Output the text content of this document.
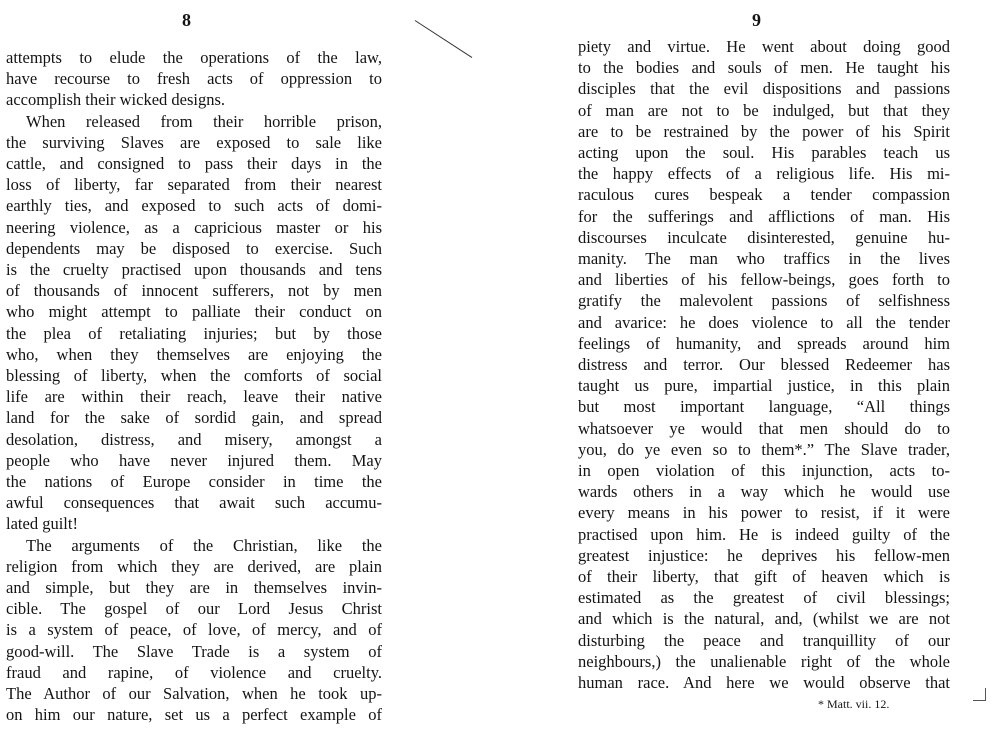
8
attempts to elude the operations of the law,
have recourse to fresh acts of oppression to
accomplish their wicked designs.
When released from their horrible prison,
the surviving Slaves are exposed to sale like
cattle, and consigned to pass their days in the
loss of liberty, far separated from their nearest
earthly ties, and exposed to such acts of domi-
neering violence, as a capricious master or his
dependents may be disposed to exercise. Such
is the cruelty practised upon thousands and tens
of thousands of innocent sufferers, not by men
who might attempt to palliate their conduct on
the plea of retaliating injuries; but by those
who, when they themselves are enjoying the
blessing of liberty, when the comforts of social
life are within their reach, leave their native
land for the sake of sordid gain, and spread
desolation, distress, and misery, amongst a
people who have never injured them. May
the nations of Europe consider in time the
awful consequences that await such accumu-
lated guilt!
The arguments of the Christian, like the
religion from which they are derived, are plain
and simple, but they are in themselves invin-
cible. The gospel of our Lord Jesus Christ
is a system of peace, of love, of mercy, and of
good-will. The Slave Trade is a system of
fraud and rapine, of violence and cruelty.
The Author of our Salvation, when he took up-
on him our nature, set us a perfect example of
9
piety and virtue. He went about doing good
to the bodies and souls of men. He taught his
disciples that the evil dispositions and passions
of man are not to be indulged, but that they
are to be restrained by the power of his Spirit
acting upon the soul. His parables teach us
the happy effects of a religious life. His mi-
raculous cures bespeak a tender compassion
for the sufferings and afflictions of man. His
discourses inculcate disinterested, genuine hu-
manity. The man who traffics in the lives
and liberties of his fellow-beings, goes forth to
gratify the malevolent passions of selfishness
and avarice: he does violence to all the tender
feelings of humanity, and spreads around him
distress and terror. Our blessed Redeemer has
taught us pure, impartial justice, in this plain
but most important language, “All things
whatsoever ye would that men should do to
you, do ye even so to them*.” The Slave trader,
in open violation of this injunction, acts to-
wards others in a way which he would use
every means in his power to resist, if it were
practised upon him. He is indeed guilty of the
greatest injustice: he deprives his fellow-men
of their liberty, that gift of heaven which is
estimated as the greatest of civil blessings;
and which is the natural, and, (whilst we are not
disturbing the peace and tranquillity of our
neighbours,) the unalienable right of the whole
human race. And here we would observe that
* Matt. vii. 12.
